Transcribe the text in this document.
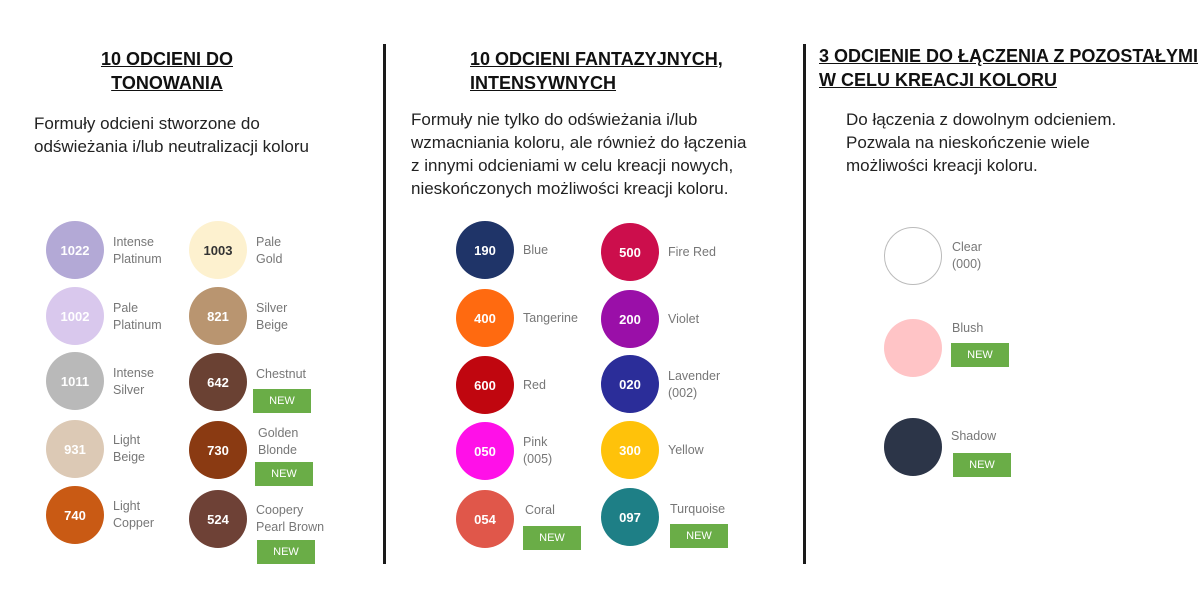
10 ODCIENI DO
TONOWANIA
Formuły odcieni stworzone do
odświeżania i/lub neutralizacji koloru
10 ODCIENI FANTAZYJNYCH,
INTENSYWNYCH
Formuły nie tylko do odświeżania i/lub
wzmacniania koloru, ale również do łączenia
z innymi odcieniami w celu kreacji nowych,
nieskończonych możliwości kreacji koloru.
3 ODCIENIE DO ŁĄCZENIA Z POZOSTAŁYMI
W CELU KREACJI KOLORU
Do łączenia z dowolnym odcieniem.
Pozwala na nieskończenie wiele
możliwości kreacji koloru.
1022
Intense
Platinum
1002
Pale
Platinum
1011
Intense
Silver
931
Light
Beige
740
Light
Copper
1003
Pale
Gold
821
Silver
Beige
642
Chestnut
NEW
730
Golden
Blonde
NEW
524
Coopery
Pearl Brown
NEW
190	Blue
400	Tangerine
600	Red
050
Pink
(005)
054
Coral
NEW
500	Fire Red
200	Violet
020
Lavender
(002)
300	Yellow
097
Turquoise
NEW
Clear
(000)
Blush
NEW
Shadow
NEW
